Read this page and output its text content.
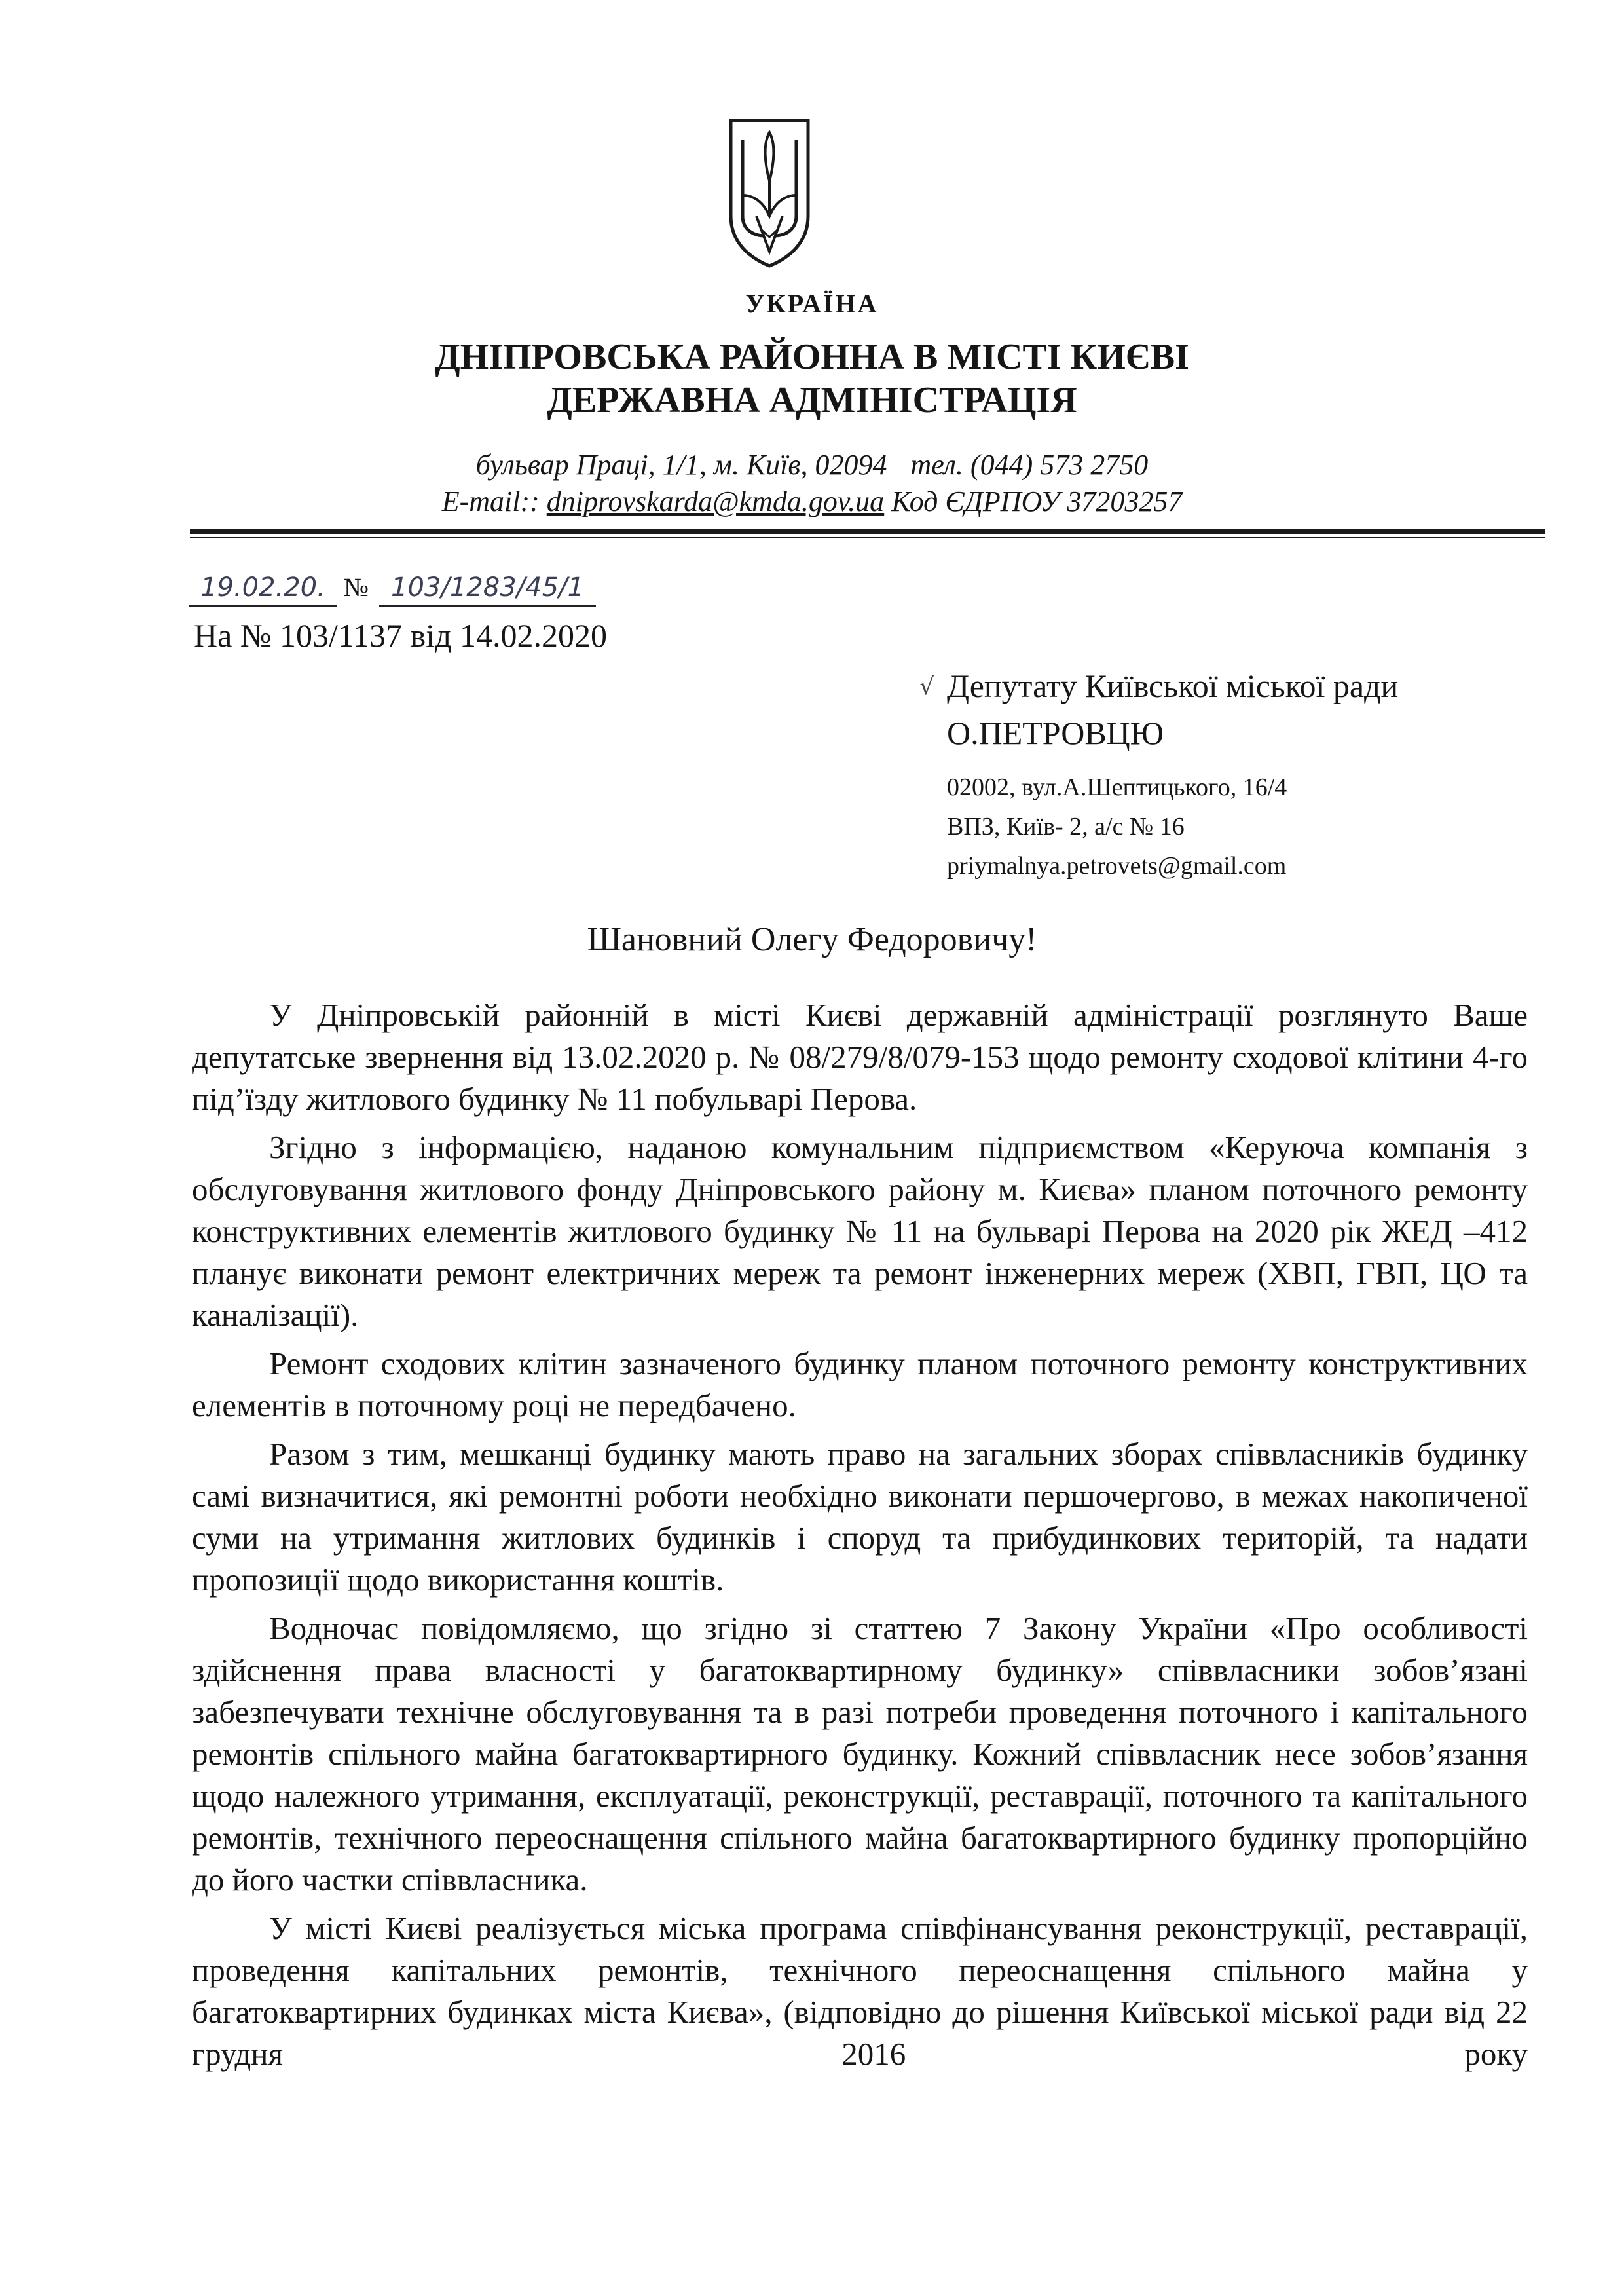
УКРАЇНА
ДНІПРОВСЬКА РАЙОННА В МІСТІ КИЄВІ
ДЕРЖАВНА АДМІНІСТРАЦІЯ
бульвар Праці, 1/1, м. Київ, 02094 тел. (044) 573 2750
E-mail:: dniprovskarda@kmda.gov.ua Код ЄДРПОУ 37203257
19.02.20. № 103/1283/45/1
На № 103/1137 від 14.02.2020
√ Депутату Київської міської ради
О.ПЕТРОВЦЮ
02002, вул.А.Шептицького, 16/4
ВПЗ, Київ- 2, а/с № 16
priymalnya.petrovets@gmail.com
Шановний Олегу Федоровичу!

У Дніпровській районній в місті Києві державній адміністрації розглянуто Ваше депутатське звернення від 13.02.2020 р. № 08/279/8/079-153 щодо ремонту сходової клітини 4-го під’їзду житлового будинку № 11 побульварі Перова.

Згідно з інформацією, наданою комунальним підприємством «Керуюча компанія з обслуговування житлового фонду Дніпровського району м. Києва» планом поточного ремонту конструктивних елементів житлового будинку № 11 на бульварі Перова на 2020 рік ЖЕД –412 планує виконати ремонт електричних мереж та ремонт інженерних мереж (ХВП, ГВП, ЦО та каналізації).

Ремонт сходових клітин зазначеного будинку планом поточного ремонту конструктивних елементів в поточному році не передбачено.

Разом з тим, мешканці будинку мають право на загальних зборах співвласників будинку самі визначитися, які ремонтні роботи необхідно виконати першочергово, в межах накопиченої суми на утримання житлових будинків і споруд та прибудинкових територій, та надати пропозиції щодо використання коштів.

Водночас повідомляємо, що згідно зі статтею 7 Закону України «Про особливості здійснення права власності у багатоквартирному будинку» співвласники зобов’язані забезпечувати технічне обслуговування та в разі потреби проведення поточного і капітального ремонтів спільного майна багатоквартирного будинку. Кожний співвласник несе зобов’язання щодо належного утримання, експлуатації, реконструкції, реставрації, поточного та капітального ремонтів, технічного переоснащення спільного майна багатоквартирного будинку пропорційно до його частки співвласника.

У місті Києві реалізується міська програма співфінансування реконструкції, реставрації, проведення капітальних ремонтів, технічного переоснащення спільного майна у багатоквартирних будинках міста Києва», (відповідно до рішення Київської міської ради від 22 грудня 2016 року
